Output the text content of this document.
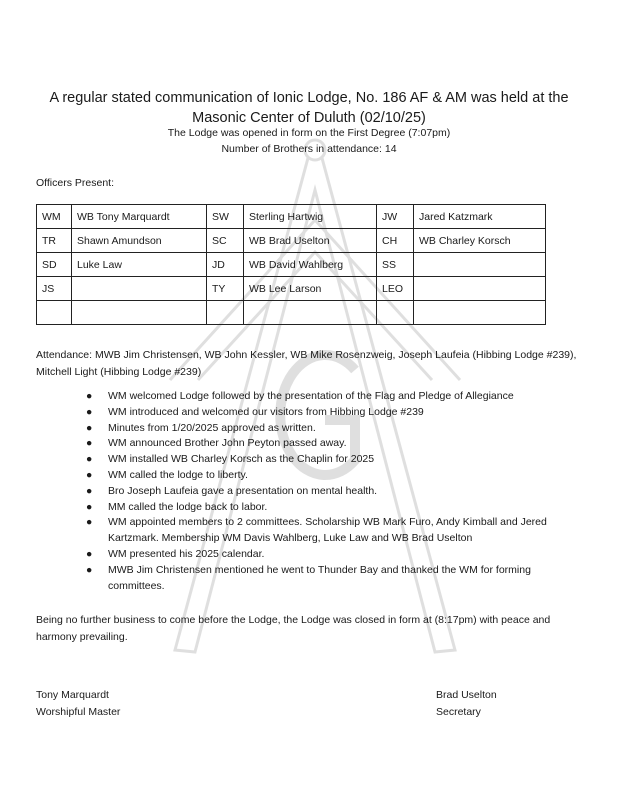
A regular stated communication of Ionic Lodge, No. 186 AF & AM was held at the Masonic Center of Duluth (02/10/25)
The Lodge was opened in form on the First Degree (7:07pm)
Number of Brothers in attendance: 14
Officers Present:
WM	WB Tony Marquardt	SW	Sterling Hartwig	JW	Jared Katzmark
TR	Shawn Amundson	SC	WB Brad Uselton	CH	WB Charley Korsch
SD	Luke Law	JD	WB David Wahlberg	SS	
JS		TY	WB Lee Larson	LEO	

Attendance: MWB Jim Christensen, WB John Kessler, WB Mike Rosenzweig, Joseph Laufeia (Hibbing Lodge #239), Mitchell Light (Hibbing Lodge #239)
● WM welcomed Lodge followed by the presentation of the Flag and Pledge of Allegiance
● WM introduced and welcomed our visitors from Hibbing Lodge #239
● Minutes from 1/20/2025 approved as written.
● WM announced Brother John Peyton passed away.
● WM installed WB Charley Korsch as the Chaplin for 2025
● WM called the lodge to liberty.
● Bro Joseph Laufeia gave a presentation on mental health.
● MM called the lodge back to labor.
● WM appointed members to 2 committees. Scholarship WB Mark Furo, Andy Kimball and Jered Kartzmark. Membership WM Davis Wahlberg, Luke Law and WB Brad Uselton
● WM presented his 2025 calendar.
● MWB Jim Christensen mentioned he went to Thunder Bay and thanked the WM for forming committees.
Being no further business to come before the Lodge, the Lodge was closed in form at (8:17pm) with peace and harmony prevailing.
Tony Marquardt
Worshipful Master
Brad Uselton
Secretary
